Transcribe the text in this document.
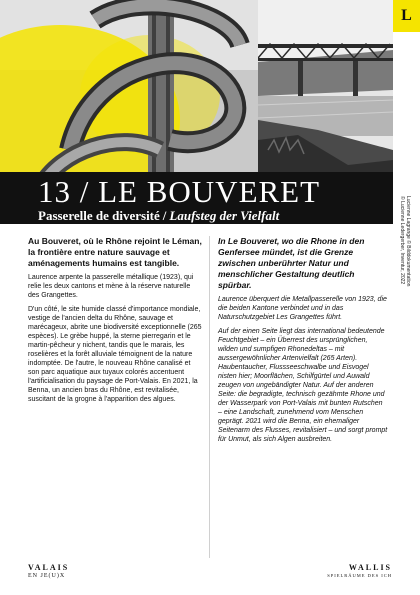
L
Lucienne Lagrange © Bilddokumentation
© Lucienne Ledergerber, Inventur, 2022
13 / LE BOUVERET
Passerelle de diversité / Laufsteg der Vielfalt

Au Bouveret, où le Rhône rejoint le Léman, la frontière entre nature sauvage et aménagements humains est tangible.

Laurence arpente la passerelle métallique (1923), qui relie les deux cantons et mène à la réserve naturelle des Grangettes.

D'un côté, le site humide classé d'importance mondiale, vestige de l'ancien delta du Rhône, sauvage et marécageux, abrite une biodiversité exceptionnelle (265 espèces). Le grèbe huppé, la sterne pierregarin et le martin-pêcheur y nichent, tandis que le marais, les roselières et la forêt alluviale témoignent de la nature indomptée. De l'autre, le nouveau Rhône canalisé et son parc aquatique aux tuyaux colorés accentuent l'artificialisation du paysage de Port-Valais. En 2021, la Benna, un ancien bras du Rhône, est revitalisée, suscitant de la grogne à l'apparition des algues.

In Le Bouveret, wo die Rhone in den Genfersee mündet, ist die Grenze zwischen unberührter Natur und menschlicher Gestaltung deutlich spürbar.

Laurence überquert die Metallpasserelle von 1923, die die beiden Kantone verbindet und in das Naturschutzgebiet Les Grangettes führt.

Auf der einen Seite liegt das international bedeutende Feuchtgebiet – ein Überrest des ursprünglichen, wilden und sumpfigen Rhonedeltas – mit aussergewöhnlicher Artenvielfalt (265 Arten). Haubentaucher, Flussseeschwalbe und Eisvogel nisten hier; Moorflächen, Schilfgürtel und Auwald zeugen von ungebändigter Natur. Auf der anderen Seite: die begradigte, technisch gezähmte Rhone und der Wasserpark von Port-Valais mit bunten Rutschen – eine Landschaft, zunehmend vom Menschen geprägt. 2021 wird die Benna, ein ehemaliger Seitenarm des Flusses, revitalisiert – und sorgt prompt für Unmut, als sich Algen ausbreiten.

VALAIS
EN JE(U)X
WALLIS
SPIELRÄUME DES ICH
